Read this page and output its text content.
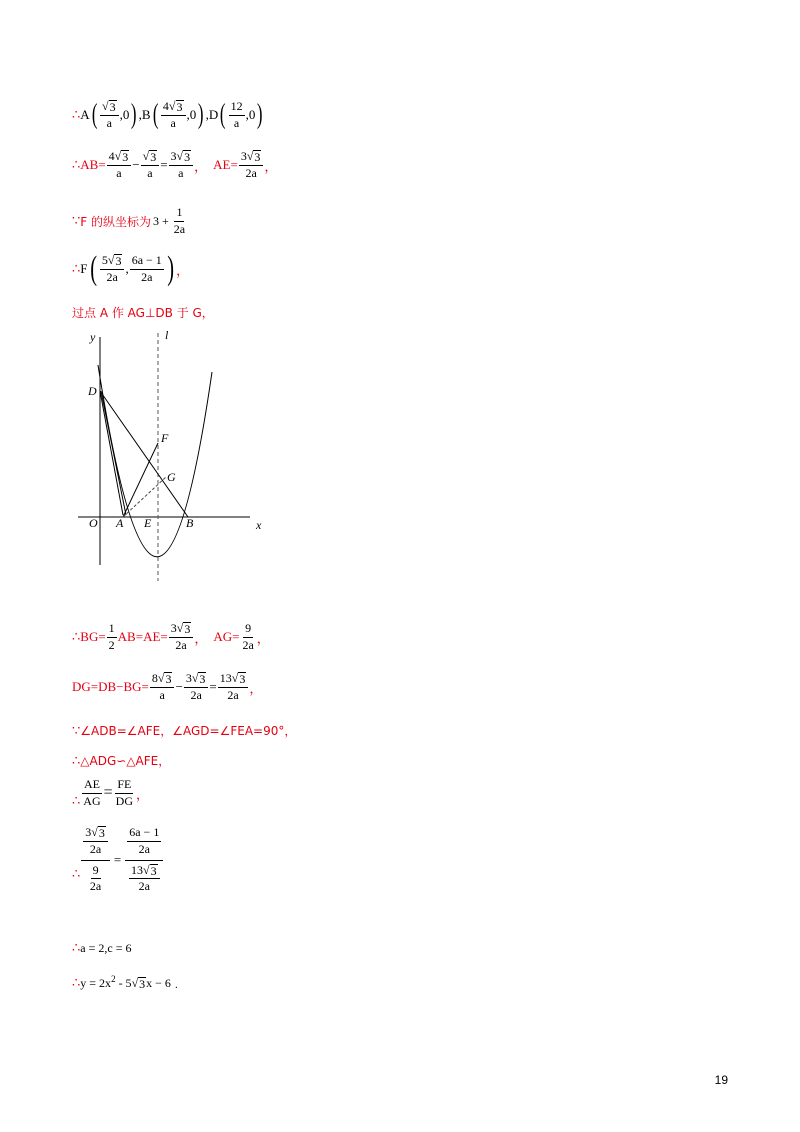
∴ A ( $\frac{√ 3}{a}$ , 0 ) , B ( $\frac{4 √ 3}{a}$ , 0 ) , D ( $\frac{12}{a}$ , 0 )
∴ $AB= \frac{4 √ 3}{a} - \frac{√ 3}{a} = \frac{3 √ 3}{a}$ ， $AE= \frac{3 √ 3}{2a}$ ，
∵ F 的纵坐标为 $3 + \frac{1}{2a}$
∴ F ( $\frac{5 √ 3}{2a}$ , $\frac{6a - 1}{2a}$ ) ，
过点 A 作 AG⊥DB 于 G，
y
x
l
D
F
G
O A E	B
∴ $BG= \frac{1}{2} AB=AE= \frac{3 √ 3}{2a}$ ， $AG= \frac{9}{2a}$ ，
$DG=DB-BG= \frac{8 √ 3}{a} - \frac{3 √ 3}{2a} = \frac{13 √ 3}{2a}$ ，
∵ ∠ADB=∠AFE，∠AGD=∠FEA=90°，
∴ △ADG∽△AFE，
∴ $\frac{AE}{AG} = \frac{FE}{DG}$ ，
∴ $\frac{\frac{3 √ 3}{2a}}{\frac{9}{2a}} = \frac{\frac{6a - 1}{2a}}{\frac{13 √ 3}{2a}}$
∴ a = 2,c = 6
∴ $y = 2x^2 - 5$ √ 3 x − 6 .
19
